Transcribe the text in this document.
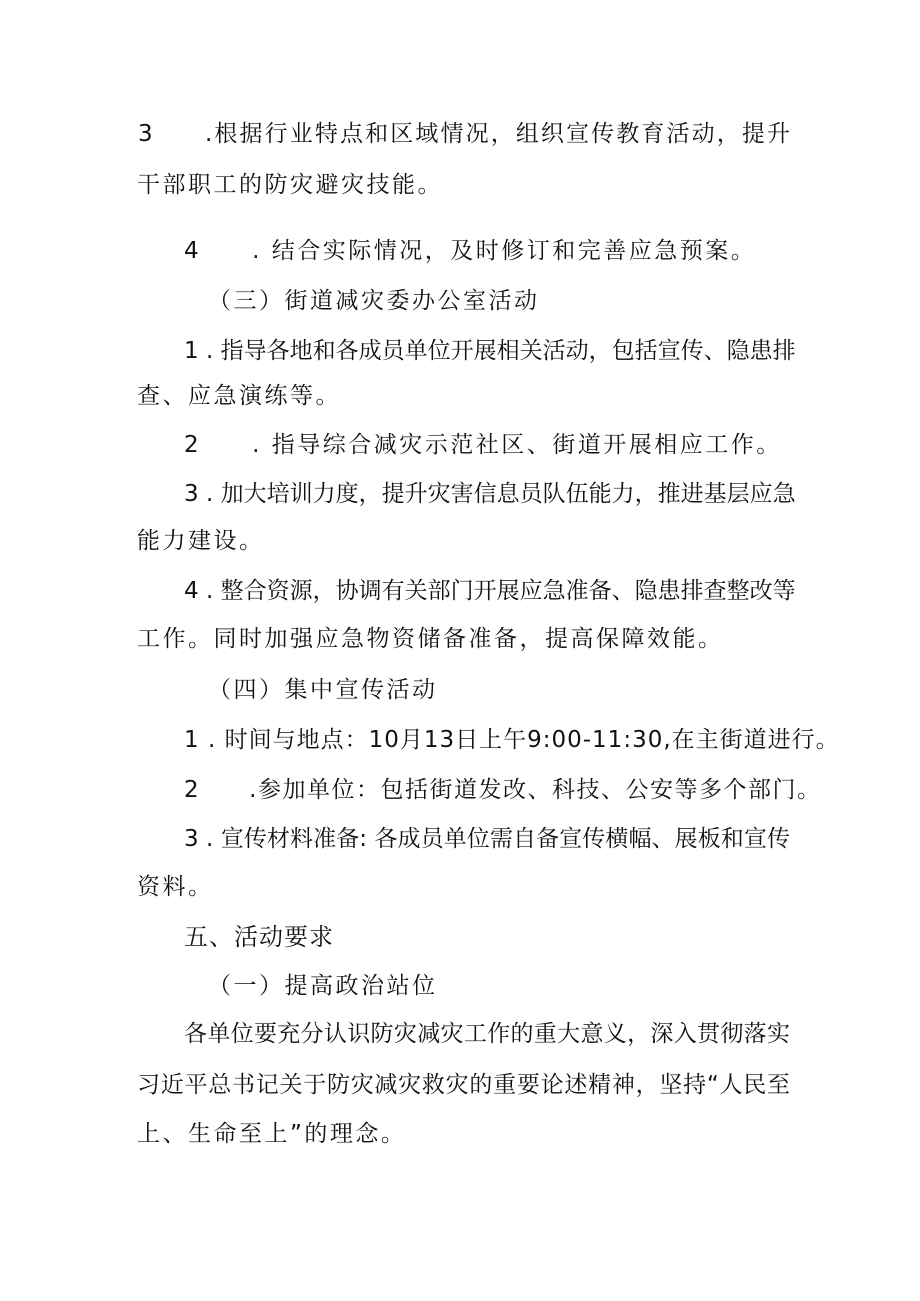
3　　.根据行业特点和区域情况，组织宣传教育活动，提升
干部职工的防灾避灾技能。
4　　. 结合实际情况，及时修订和完善应急预案。
（三）街道减灾委办公室活动
1 . 指导各地和各成员单位开展相关活动，包括宣传、隐患排
查、应急演练等。
2　　. 指导综合减灾示范社区、街道开展相应工作。
3 . 加大培训力度，提升灾害信息员队伍能力，推进基层应急
能力建设。
4 . 整合资源，协调有关部门开展应急准备、隐患排查整改等
工作。同时加强应急物资储备准备，提高保障效能。
（四）集中宣传活动
1 . 时间与地点：10月13日上午9:00-11:30,在主街道进行。
2　　.参加单位：包括街道发改、科技、公安等多个部门。
3 . 宣传材料准备: 各成员单位需自备宣传横幅、展板和宣传
资料。
五、活动要求
（一）提高政治站位
各单位要充分认识防灾减灾工作的重大意义，深入贯彻落实
习近平总书记关于防灾减灾救灾的重要论述精神，坚持“人民至
上、生命至上”的理念。
